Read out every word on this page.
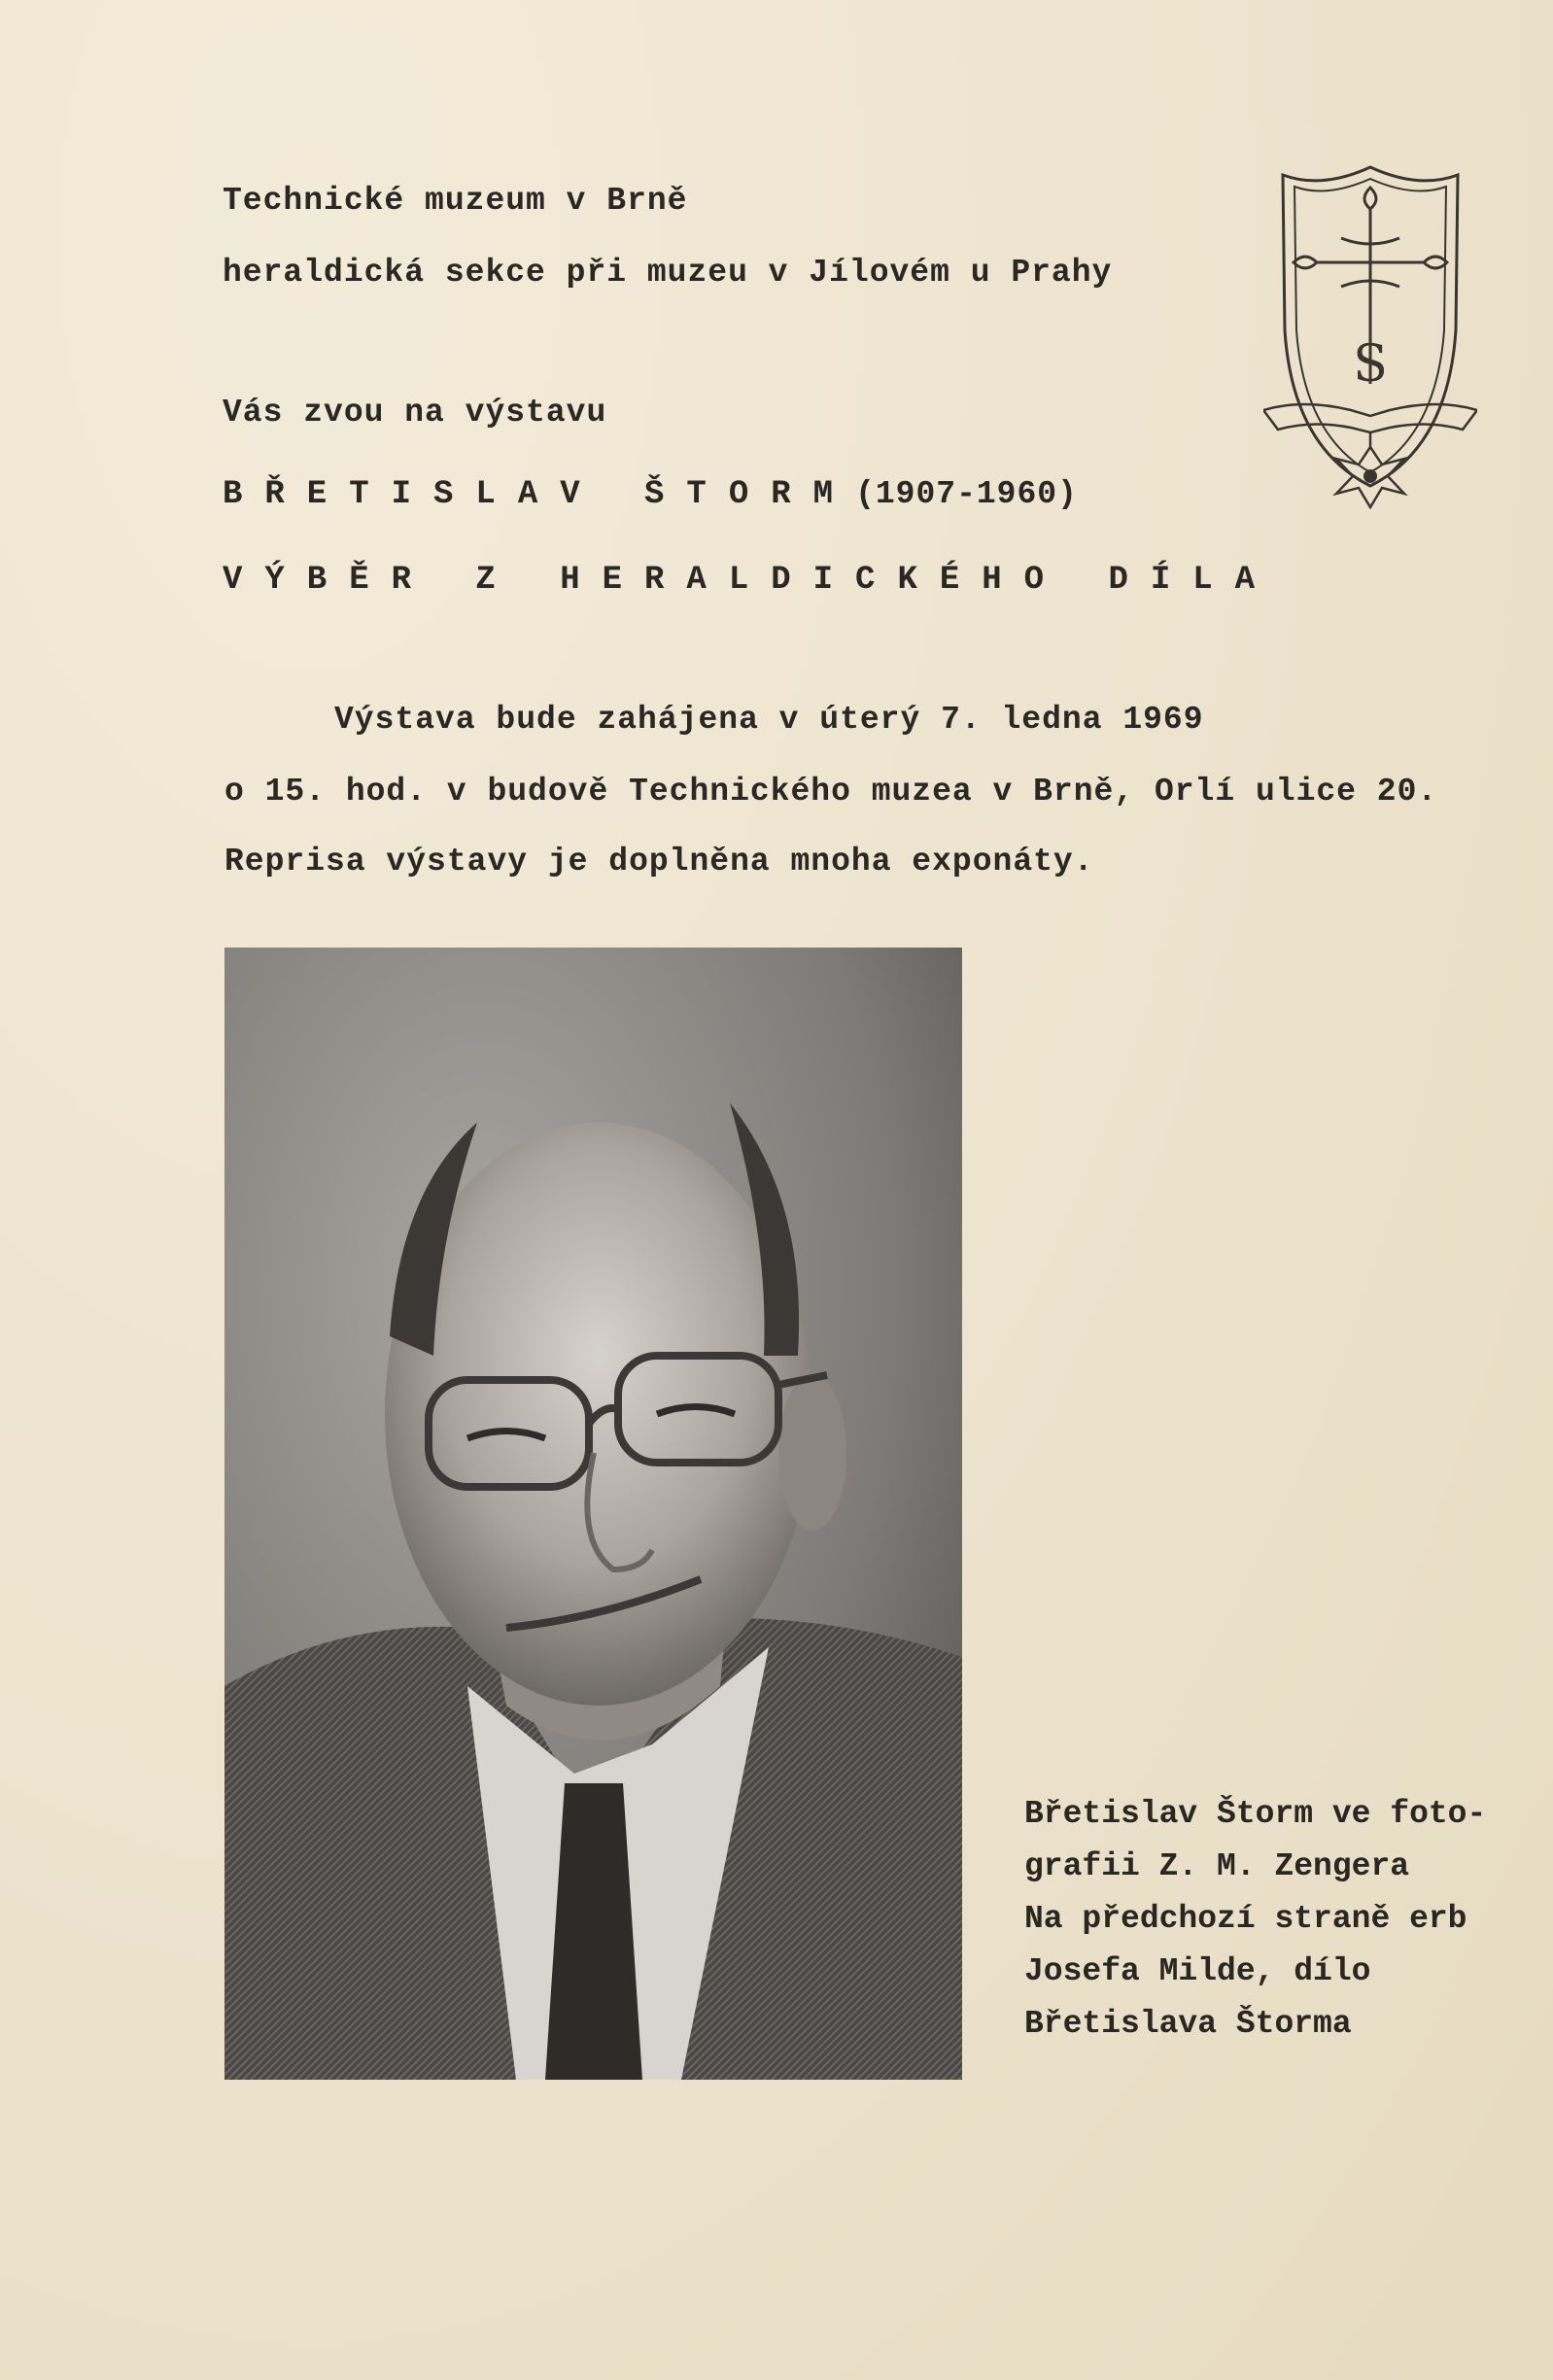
Technické muzeum v Brně
heraldická sekce při muzeu v Jílovém u Prahy
Vás zvou na výstavu
BŘETISLAV ŠTORM(1907-1960)
VÝBĚR Z HERALDICKÉHO DÍLA
Výstava bude zahájena v úterý 7. ledna 1969
o 15. hod. v budově Technického muzea v Brně, Orlí ulice 20.
Reprisa výstavy je doplněna mnoha exponáty.
S
Břetislav Štorm ve foto-
grafii Z. M. Zengera
Na předchozí straně erb
Josefa Milde, dílo
Břetislava Štorma
